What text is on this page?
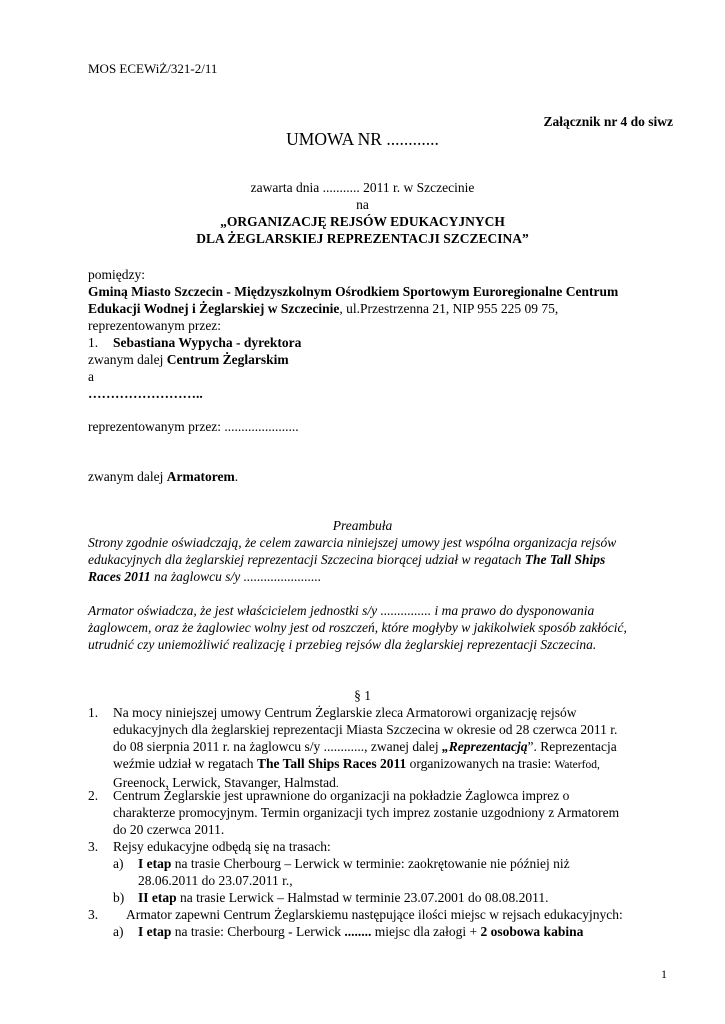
MOS ECEWiŻ/321-2/11
Załącznik nr 4 do siwz
UMOWA NR ............
zawarta dnia ........... 2011 r. w Szczecinie
na
„ORGANIZACJĘ REJSÓW EDUKACYJNYCH
DLA ŻEGLARSKIEJ REPREZENTACJI SZCZECINA”
pomiędzy:
Gminą Miasto Szczecin - Międzyszkolnym Ośrodkiem Sportowym Euroregionalne Centrum
Edukacji Wodnej i Żeglarskiej w Szczecinie, ul.Przestrzenna 21, NIP 955 225 09 75,
reprezentowanym przez:
1. Sebastiana Wypycha - dyrektora
zwanym dalej Centrum Żeglarskim
a
……………………..
reprezentowanym przez: ......................
zwanym dalej Armatorem.
Preambuła
Strony zgodnie oświadczają, że celem zawarcia niniejszej umowy jest wspólna organizacja rejsów
edukacyjnych dla żeglarskiej reprezentacji Szczecina biorącej udział w regatach The Tall Ships
Races 2011 na żaglowcu s/y .......................
Armator oświadcza, że jest właścicielem jednostki s/y ............... i ma prawo do dysponowania
żaglowcem, oraz że żaglowiec wolny jest od roszczeń, które mogłyby w jakikolwiek sposób zakłócić,
utrudnić czy uniemożliwić realizację i przebieg rejsów dla żeglarskiej reprezentacji Szczecina.
§ 1
1. Na mocy niniejszej umowy Centrum Żeglarskie zleca Armatorowi organizację rejsów
edukacyjnych dla żeglarskiej reprezentacji Miasta Szczecina w okresie od 28 czerwca 2011 r.
do 08 sierpnia 2011 r. na żaglowcu s/y ............, zwanej dalej „Reprezentacją”. Reprezentacja
weźmie udział w regatach The Tall Ships Races 2011 organizowanych na trasie: Waterfod,
Greenock, Lerwick, Stavanger, Halmstad.
2. Centrum Żeglarskie jest uprawnione do organizacji na pokładzie Żaglowca imprez o
charakterze promocyjnym. Termin organizacji tych imprez zostanie uzgodniony z Armatorem
do 20 czerwca 2011.
3. Rejsy edukacyjne odbędą się na trasach:
a) I etap na trasie Cherbourg – Lerwick w terminie: zaokrętowanie nie później niż
28.06.2011 do 23.07.2011 r.,
b) II etap na trasie Lerwick – Halmstad w terminie 23.07.2001 do 08.08.2011.
3. Armator zapewni Centrum Żeglarskiemu następujące ilości miejsc w rejsach edukacyjnych:
a) I etap na trasie: Cherbourg - Lerwick ........ miejsc dla załogi + 2 osobowa kabina
1
